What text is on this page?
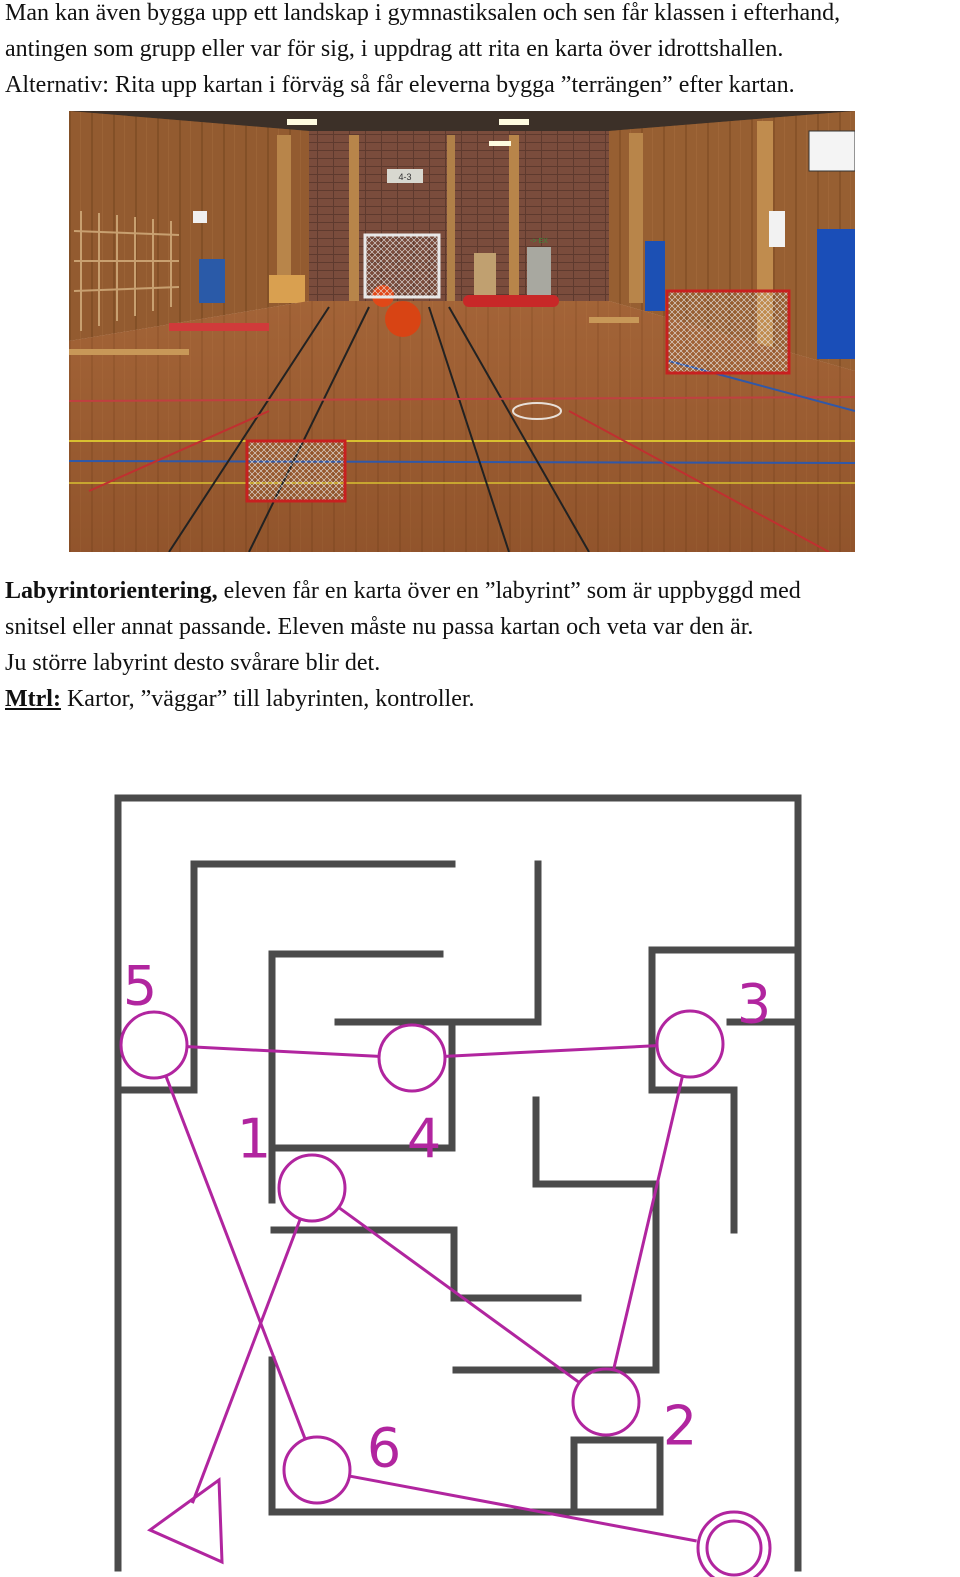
Man kan även bygga upp ett landskap i gymnastiksalen och sen får klassen i efterhand,

antingen som grupp eller var för sig, i uppdrag att rita en karta över idrottshallen.

Alternativ: Rita upp kartan i förväg så får eleverna bygga ”terrängen” efter kartan.

4-3
-> EX

Labyrintorientering, eleven får en karta över en ”labyrint” som är uppbyggd med

snitsel eller annat passande. Eleven måste nu passa kartan och veta var den är.

Ju större labyrint desto svårare blir det.

Mtrl: Kartor, ”väggar” till labyrinten, kontroller.

5
1	4
3
2
6
